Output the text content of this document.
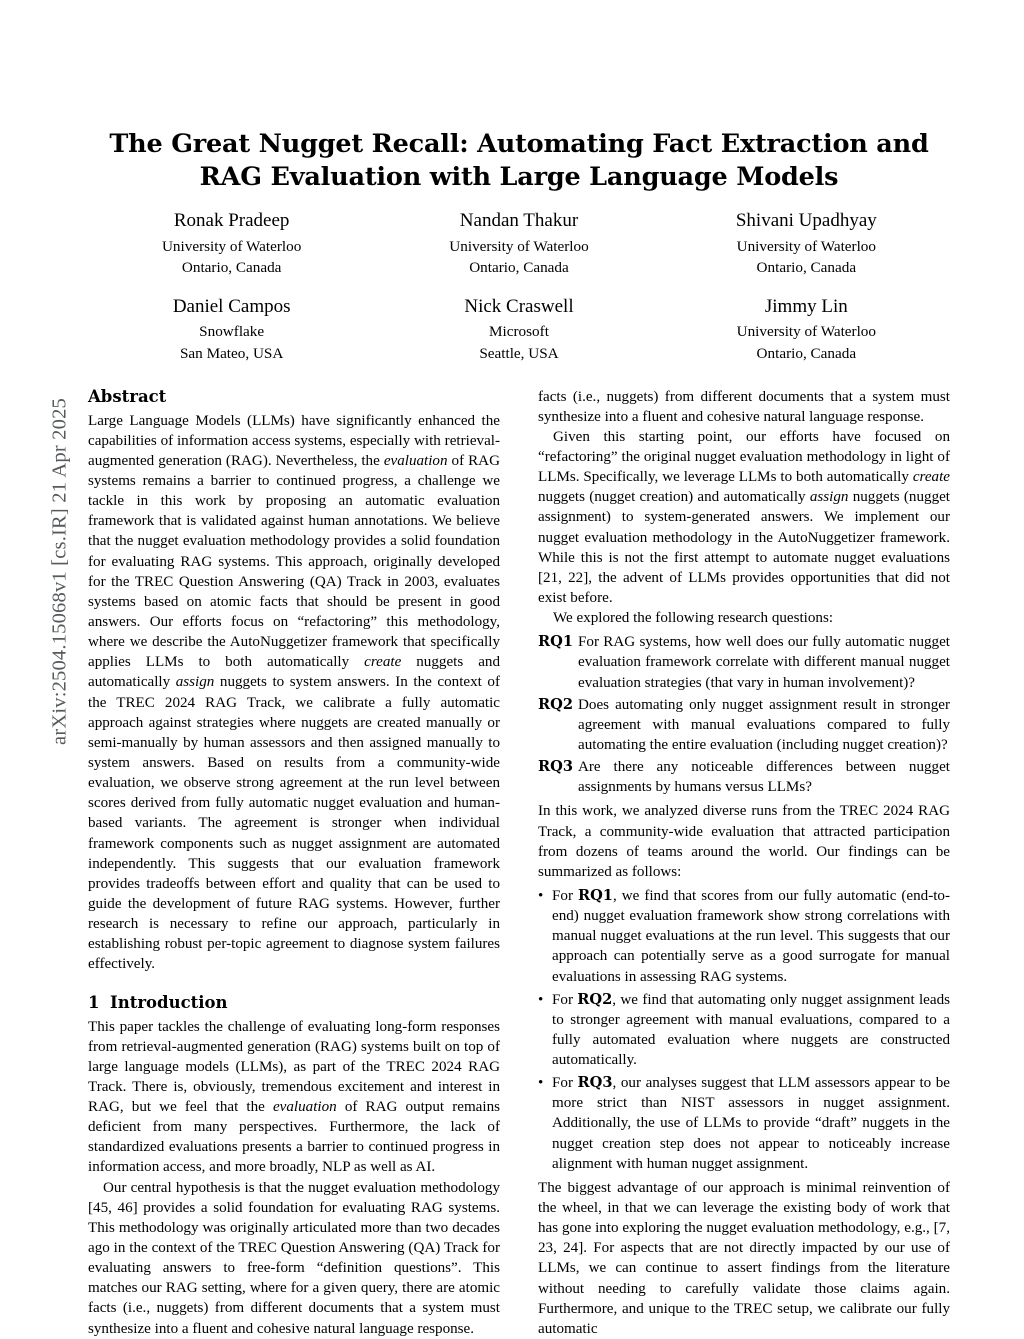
arXiv:2504.15068v1 [cs.IR] 21 Apr 2025
The Great Nugget Recall: Automating Fact Extraction and RAG Evaluation with Large Language Models
Ronak Pradeep
University of Waterloo
Ontario, Canada
Nandan Thakur
University of Waterloo
Ontario, Canada
Shivani Upadhyay
University of Waterloo
Ontario, Canada
Daniel Campos
Snowflake
San Mateo, USA
Nick Craswell
Microsoft
Seattle, USA
Jimmy Lin
University of Waterloo
Ontario, Canada
Abstract

Large Language Models (LLMs) have significantly enhanced the capabilities of information access systems, especially with retrieval-augmented generation (RAG). Nevertheless, the evaluation of RAG systems remains a barrier to continued progress, a challenge we tackle in this work by proposing an automatic evaluation framework that is validated against human annotations. We believe that the nugget evaluation methodology provides a solid foundation for evaluating RAG systems. This approach, originally developed for the TREC Question Answering (QA) Track in 2003, evaluates systems based on atomic facts that should be present in good answers. Our efforts focus on “refactoring” this methodology, where we describe the AutoNuggetizer framework that specifically applies LLMs to both automatically create nuggets and automatically assign nuggets to system answers. In the context of the TREC 2024 RAG Track, we calibrate a fully automatic approach against strategies where nuggets are created manually or semi-manually by human assessors and then assigned manually to system answers. Based on results from a community-wide evaluation, we observe strong agreement at the run level between scores derived from fully automatic nugget evaluation and human-based variants. The agreement is stronger when individual framework components such as nugget assignment are automated independently. This suggests that our evaluation framework provides tradeoffs between effort and quality that can be used to guide the development of future RAG systems. However, further research is necessary to refine our approach, particularly in establishing robust per-topic agreement to diagnose system failures effectively.

1 Introduction

This paper tackles the challenge of evaluating long-form responses from retrieval-augmented generation (RAG) systems built on top of large language models (LLMs), as part of the TREC 2024 RAG Track. There is, obviously, tremendous excitement and interest in RAG, but we feel that the evaluation of RAG output remains deficient from many perspectives. Furthermore, the lack of standardized evaluations presents a barrier to continued progress in information access, and more broadly, NLP as well as AI.

Our central hypothesis is that the nugget evaluation methodology [45, 46] provides a solid foundation for evaluating RAG systems. This methodology was originally articulated more than two decades ago in the context of the TREC Question Answering (QA) Track for evaluating answers to free-form “definition questions”. This matches our RAG setting, where for a given query, there are atomic facts (i.e., nuggets) from different documents that a system must synthesize into a fluent and cohesive natural language response.

facts (i.e., nuggets) from different documents that a system must synthesize into a fluent and cohesive natural language response.

Given this starting point, our efforts have focused on “refactoring” the original nugget evaluation methodology in light of LLMs. Specifically, we leverage LLMs to both automatically create nuggets (nugget creation) and automatically assign nuggets (nugget assignment) to system-generated answers. We implement our nugget evaluation methodology in the AutoNuggetizer framework. While this is not the first attempt to automate nugget evaluations [21, 22], the advent of LLMs provides opportunities that did not exist before.

We explored the following research questions:

RQ1 For RAG systems, how well does our fully automatic nugget evaluation framework correlate with different manual nugget evaluation strategies (that vary in human involvement)?
RQ2 Does automating only nugget assignment result in stronger agreement with manual evaluations compared to fully automating the entire evaluation (including nugget creation)?
RQ3 Are there any noticeable differences between nugget assignments by humans versus LLMs?

In this work, we analyzed diverse runs from the TREC 2024 RAG Track, a community-wide evaluation that attracted participation from dozens of teams around the world. Our findings can be summarized as follows:

• For RQ1, we find that scores from our fully automatic (end-to-end) nugget evaluation framework show strong correlations with manual nugget evaluations at the run level. This suggests that our approach can potentially serve as a good surrogate for manual evaluations in assessing RAG systems.
• For RQ2, we find that automating only nugget assignment leads to stronger agreement with manual evaluations, compared to a fully automated evaluation where nuggets are constructed automatically.
• For RQ3, our analyses suggest that LLM assessors appear to be more strict than NIST assessors in nugget assignment. Additionally, the use of LLMs to provide “draft” nuggets in the nugget creation step does not appear to noticeably increase alignment with human nugget assignment.

The biggest advantage of our approach is minimal reinvention of the wheel, in that we can leverage the existing body of work that has gone into exploring the nugget evaluation methodology, e.g., [7, 23, 24]. For aspects that are not directly impacted by our use of LLMs, we can continue to assert findings from the literature without needing to carefully validate those claims again. Furthermore, and unique to the TREC setup, we calibrate our fully automatic
